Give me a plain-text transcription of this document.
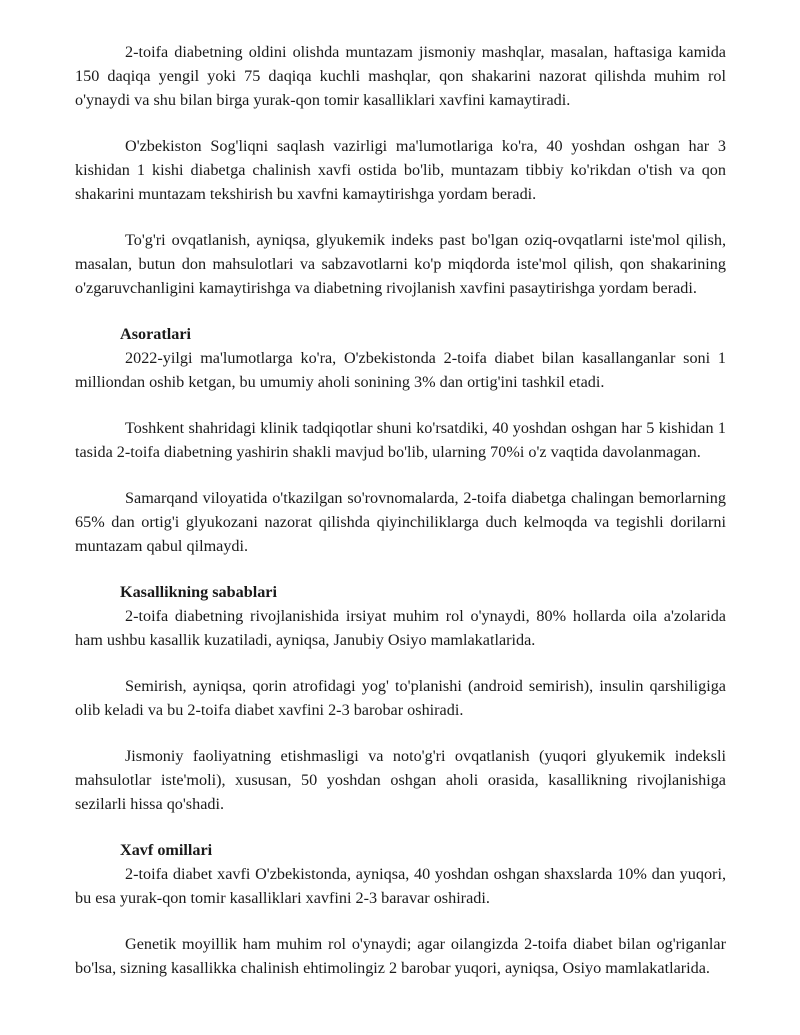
2-toifa diabetning oldini olishda muntazam jismoniy mashqlar, masalan, haftasiga kamida 150 daqiqa yengil yoki 75 daqiqa kuchli mashqlar, qon shakarini nazorat qilishda muhim rol o'ynaydi va shu bilan birga yurak-qon tomir kasalliklari xavfini kamaytiradi.

O'zbekiston Sog'liqni saqlash vazirligi ma'lumotlariga ko'ra, 40 yoshdan oshgan har 3 kishidan 1 kishi diabetga chalinish xavfi ostida bo'lib, muntazam tibbiy ko'rikdan o'tish va qon shakarini muntazam tekshirish bu xavfni kamaytirishga yordam beradi.

To'g'ri ovqatlanish, ayniqsa, glyukemik indeks past bo'lgan oziq-ovqatlarni iste'mol qilish, masalan, butun don mahsulotlari va sabzavotlarni ko'p miqdorda iste'mol qilish, qon shakarining o'zgaruvchanligini kamaytirishga va diabetning rivojlanish xavfini pasaytirishga yordam beradi.

Asoratlari

2022-yilgi ma'lumotlarga ko'ra, O'zbekistonda 2-toifa diabet bilan kasallanganlar soni 1 milliondan oshib ketgan, bu umumiy aholi sonining 3% dan ortig'ini tashkil etadi.

Toshkent shahridagi klinik tadqiqotlar shuni ko'rsatdiki, 40 yoshdan oshgan har 5 kishidan 1 tasida 2-toifa diabetning yashirin shakli mavjud bo'lib, ularning 70%i o'z vaqtida davolanmagan.

Samarqand viloyatida o'tkazilgan so'rovnomalarda, 2-toifa diabetga chalingan bemorlarning 65% dan ortig'i glyukozani nazorat qilishda qiyinchiliklarga duch kelmoqda va tegishli dorilarni muntazam qabul qilmaydi.

Kasallikning sabablari

2-toifa diabetning rivojlanishida irsiyat muhim rol o'ynaydi, 80% hollarda oila a'zolarida ham ushbu kasallik kuzatiladi, ayniqsa, Janubiy Osiyo mamlakatlarida.

Semirish, ayniqsa, qorin atrofidagi yog' to'planishi (android semirish), insulin qarshiligiga olib keladi va bu 2-toifa diabet xavfini 2-3 barobar oshiradi.

Jismoniy faoliyatning etishmasligi va noto'g'ri ovqatlanish (yuqori glyukemik indeksli mahsulotlar iste'moli), xususan, 50 yoshdan oshgan aholi orasida, kasallikning rivojlanishiga sezilarli hissa qo'shadi.

Xavf omillari

2-toifa diabet xavfi O'zbekistonda, ayniqsa, 40 yoshdan oshgan shaxslarda 10% dan yuqori, bu esa yurak-qon tomir kasalliklari xavfini 2-3 baravar oshiradi.

Genetik moyillik ham muhim rol o'ynaydi; agar oilangizda 2-toifa diabet bilan og'riganlar bo'lsa, sizning kasallikka chalinish ehtimolingiz 2 barobar yuqori, ayniqsa, Osiyo mamlakatlarida.
